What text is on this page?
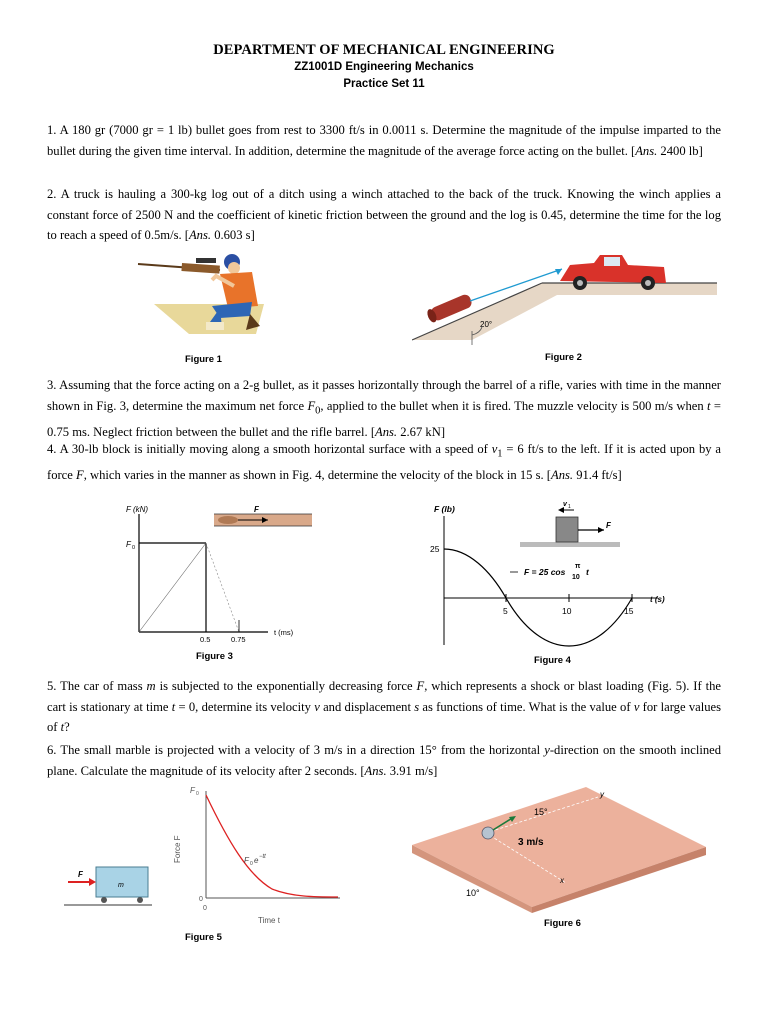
DEPARTMENT OF MECHANICAL ENGINEERING
ZZ1001D Engineering Mechanics
Practice Set 11
1. A 180 gr (7000 gr = 1 lb) bullet goes from rest to 3300 ft/s in 0.0011 s. Determine the magnitude of the impulse imparted to the bullet during the given time interval. In addition, determine the magnitude of the average force acting on the bullet. [Ans. 2400 lb]
2. A truck is hauling a 300-kg log out of a ditch using a winch attached to the back of the truck. Knowing the winch applies a constant force of 2500 N and the coefficient of kinetic friction between the ground and the log is 0.45, determine the time for the log to reach a speed of 0.5m/s. [Ans. 0.603 s]
Figure 1
20°
Figure 2
3. Assuming that the force acting on a 2-g bullet, as it passes horizontally through the barrel of a rifle, varies with time in the manner shown in Fig. 3, determine the maximum net force $F_0$, applied to the bullet when it is fired. The muzzle velocity is 500 m/s when t = 0.75 ms. Neglect friction between the bullet and the rifle barrel. [Ans. 2.67 kN]
4. A 30-lb block is initially moving along a smooth horizontal surface with a speed of $v_1 = 6$ ft/s to the left. If it is acted upon by a force F, which varies in the manner as shown in Fig. 4, determine the velocity of the block in 15 s. [Ans. 91.4 ft/s]
F (kN)
F 0
0.5	0.75
t (ms)
F
Figure 3
F (lb)
25
5	10	15
t (s)
F = 25 cos
π
10
t
F
v 1
Figure 4
5. The car of mass m is subjected to the exponentially decreasing force F, which represents a shock or blast loading (Fig. 5). If the cart is stationary at time t = 0, determine its velocity v and displacement s as functions of time. What is the value of v for large values of t?
6. The small marble is projected with a velocity of 3 m/s in a direction 15° from the horizontal y-direction on the smooth inclined plane. Calculate the magnitude of its velocity after 2 seconds. [Ans. 3.91 m/s]
m
F
F 0
Force F	F 0 e −tt
0
0
Time t
Figure 5
y
x
15°
3 m/s
10°
Figure 6
